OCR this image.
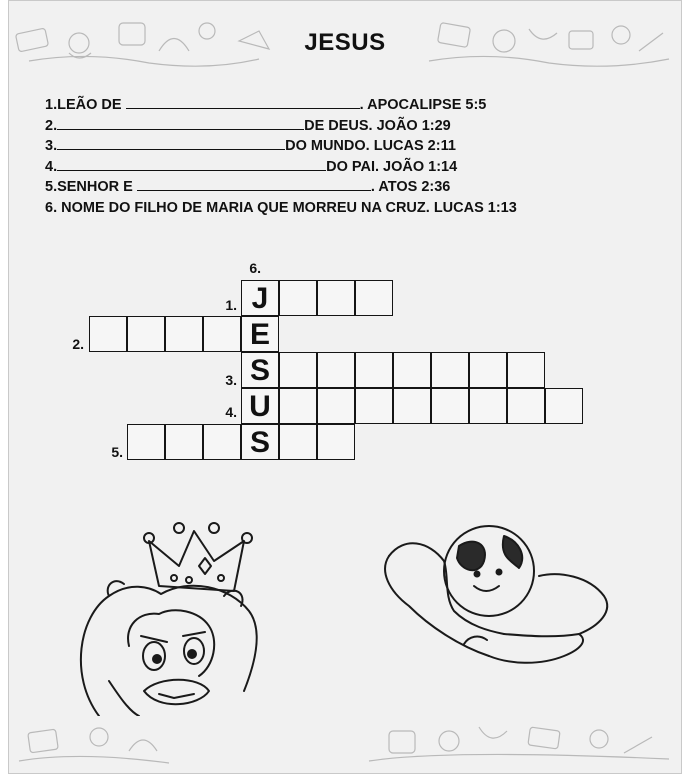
JESUS
1.LEÃO DE	. APOCALIPSE 5:5
2.	DE DEUS. JOÃO 1:29
3.	DO MUNDO. LUCAS 2:11
4.	DO PAI. JOÃO 1:14
5.SENHOR E	. ATOS 2:36
6. NOME DO FILHO DE MARIA QUE MORREU NA CRUZ. LUCAS 1:13
6.
1.
2.
3.
4.
5.
J
E
S
U
S
